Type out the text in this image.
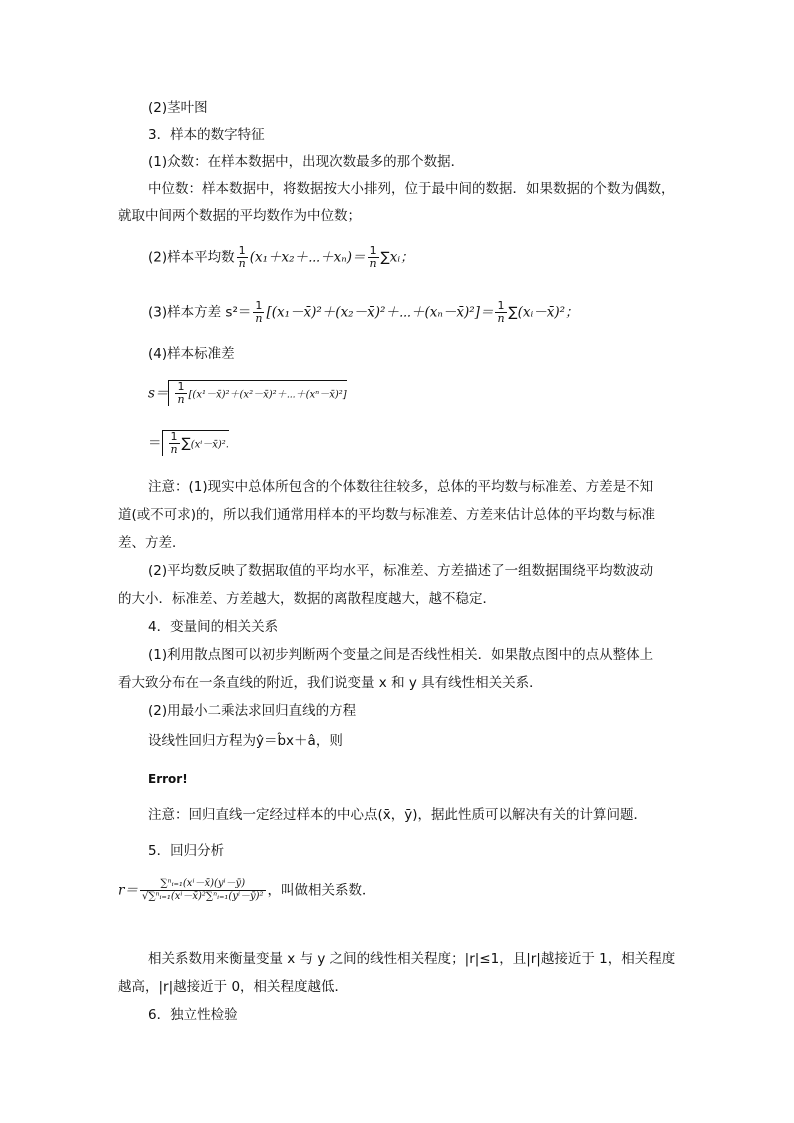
(2)茎叶图
3．样本的数字特征
(1)众数：在样本数据中，出现次数最多的那个数据．
中位数：样本数据中，将数据按大小排列，位于最中间的数据．如果数据的个数为偶数，
就取中间两个数据的平均数作为中位数；
(2)样本平均数 $\frac{1}{n}$ (x₁＋x₂＋⋯＋xₙ)＝ $\frac{1}{n}$ ∑xᵢ；
(3)样本方差 $s^2= \frac{1}{n}$ [(x₁－x̄)²＋(x₂－x̄)²＋⋯＋(xₙ－x̄)²]＝ $\frac{1}{n}$ ∑(xᵢ－x̄)²；
(4)样本标准差
$s= \frac{1}{n}$ [(x¹－x̄)²＋(x²－x̄)²＋⋯＋(xⁿ－x̄)²]
＝ $\frac{1}{n}$ ∑(xⁱ－x̄)².
注意：(1)现实中总体所包含的个体数往往较多，总体的平均数与标准差、方差是不知
道(或不可求)的，所以我们通常用样本的平均数与标准差、方差来估计总体的平均数与标准
差、方差．
(2)平均数反映了数据取值的平均水平，标准差、方差描述了一组数据围绕平均数波动
的大小．标准差、方差越大，数据的离散程度越大，越不稳定．
4．变量间的相关关系
(1)利用散点图可以初步判断两个变量之间是否线性相关．如果散点图中的点从整体上
看大致分布在一条直线的附近，我们说变量 x 和 y 具有线性相关关系．
(2)用最小二乘法求回归直线的方程
设线性回归方程为ŷ＝b̂x＋â，则
Error!
注意：回归直线一定经过样本的中心点(x̄，ȳ)，据此性质可以解决有关的计算问题．
5．回归分析
$r= \frac{\text{∑ⁿᵢ₌₁(xⁱ－x̄)(yⁱ－ȳ)}}{\text{√∑ⁿᵢ₌₁(xⁱ－x̄)²∑ⁿᵢ₌₁(yⁱ－ȳ)²}}$ ，叫做相关系数．
相关系数用来衡量变量 x 与 y 之间的线性相关程度；|r|≤1，且|r|越接近于 1，相关程度
越高，|r|越接近于 0，相关程度越低．
6．独立性检验
